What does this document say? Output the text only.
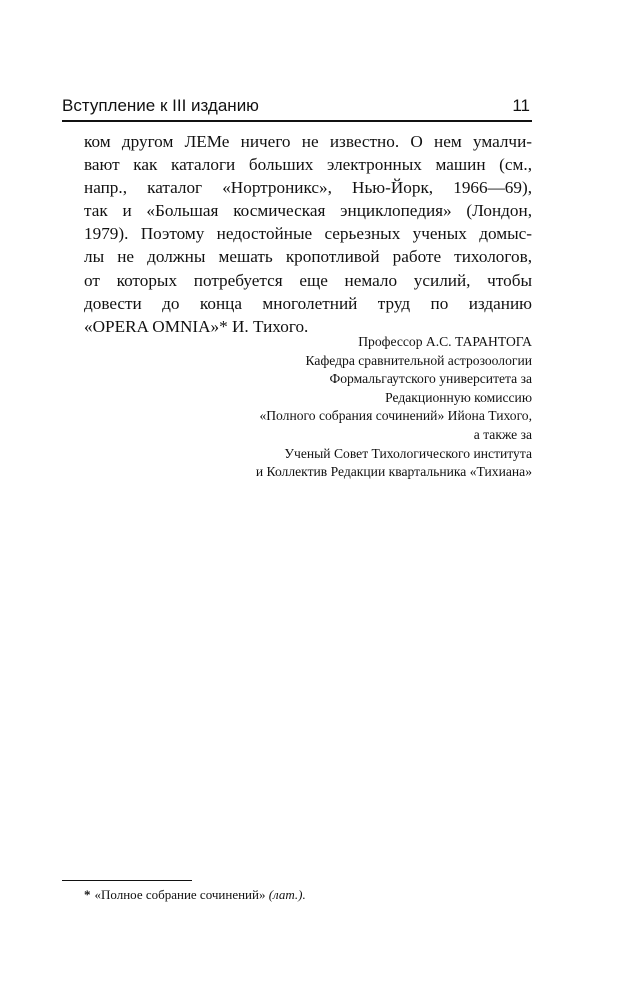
Вступление к III изданию	11
ком другом ЛЕМе ничего не известно. О нем умалчи-
вают как каталоги больших электронных машин (см.,
напр., каталог «Нортроникс», Нью-Йорк, 1966—69),
так и «Большая космическая энциклопедия» (Лондон,
1979). Поэтому недостойные серьезных ученых домыс-
лы не должны мешать кропотливой работе тихологов,
от которых потребуется еще немало усилий, чтобы
довести до конца многолетний труд по изданию
«OPERA OMNIA»* И. Тихого.
Профессор А.С. ТАРАНТОГА
Кафедра сравнительной астрозоологии
Формальгаутского университета за
Редакционную комиссию
«Полного собрания сочинений» Ийона Тихого,
а также за
Ученый Совет Тихологического института
и Коллектив Редакции квартальника «Тихиана»
* «Полное собрание сочинений» (лат.).
